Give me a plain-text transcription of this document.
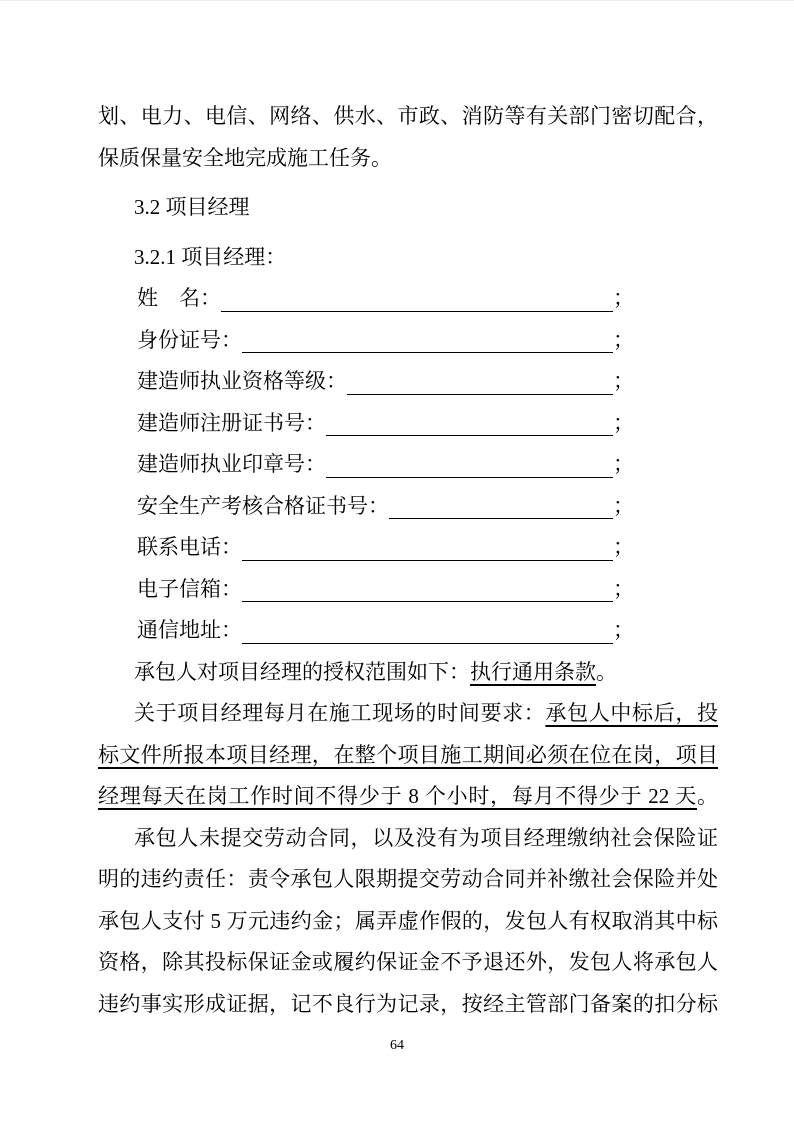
划、电力、电信、网络、供水、市政、消防等有关部门密切配合，
保质保量安全地完成施工任务。
3.2 项目经理
3.2.1 项目经理：
姓　名：	；
身份证号：	；
建造师执业资格等级：	；
建造师注册证书号：	；
建造师执业印章号：	；
安全生产考核合格证书号：	；
联系电话：	；
电子信箱：	；
通信地址：	；
承包人对项目经理的授权范围如下：执行通用条款。
关于项目经理每月在施工现场的时间要求：承包人中标后，投
标文件所报本项目经理，在整个项目施工期间必须在位在岗，项目
经理每天在岗工作时间不得少于 8 个小时，每月不得少于 22 天。
承包人未提交劳动合同，以及没有为项目经理缴纳社会保险证
明的违约责任：责令承包人限期提交劳动合同并补缴社会保险并处
承包人支付 5 万元违约金；属弄虚作假的，发包人有权取消其中标
资格，除其投标保证金或履约保证金不予退还外，发包人将承包人
违约事实形成证据，记不良行为记录，按经主管部门备案的扣分标
64
